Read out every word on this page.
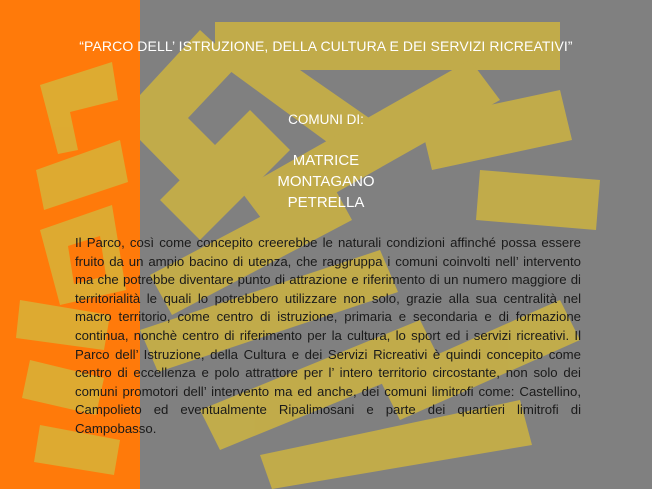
“PARCO DELL’ ISTRUZIONE, DELLA CULTURA E DEI SERVIZI RICREATIVI”
COMUNI DI:
MATRICE
MONTAGANO
PETRELLA
Il Parco, così come concepito creerebbe le naturali condizioni affinché possa essere fruito da un ampio bacino di utenza, che raggruppa i comuni coinvolti nell’ intervento ma che potrebbe diventare punto di attrazione e riferimento di un numero maggiore di territorialità le quali lo potrebbero utilizzare non solo, grazie alla sua centralità nel macro territorio, come centro di istruzione, primaria e secondaria e di formazione continua, nonchè centro di riferimento per la cultura, lo sport ed i servizi ricreativi. Il Parco dell’ Istruzione, della Cultura e dei Servizi Ricreativi è quindi concepito come centro di eccellenza e polo attrattore per l’ intero territorio circostante, non solo dei comuni promotori dell’ intervento ma ed anche, dei comuni limitrofi come: Castellino, Campolieto ed eventualmente Ripalimosani e parte dei quartieri limitrofi di Campobasso.
